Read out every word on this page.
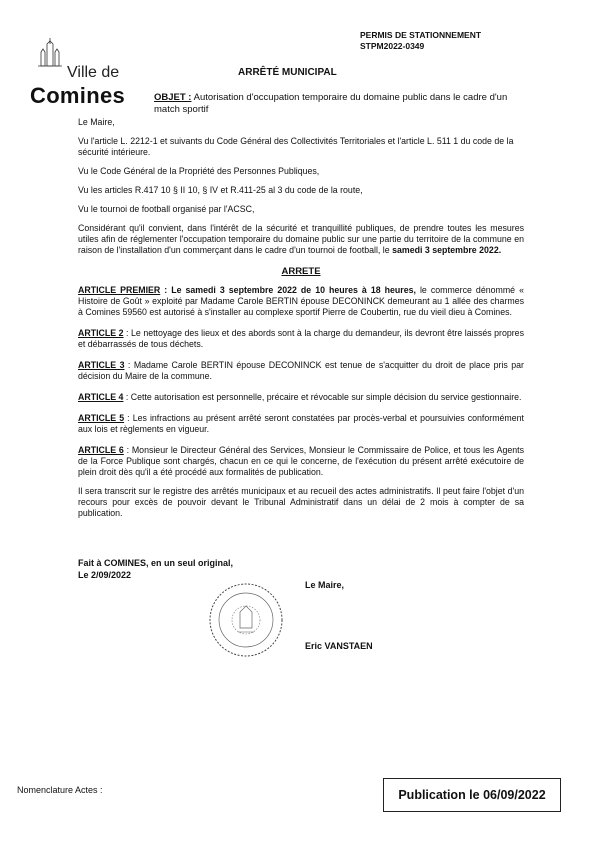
Ville de
Comines
PERMIS DE STATIONNEMENT
STPM2022-0349
ARRÊTÉ MUNICIPAL
OBJET : Autorisation d'occupation temporaire du domaine public dans le cadre d'un match sportif

Le Maire,

Vu l'article L. 2212-1 et suivants du Code Général des Collectivités Territoriales et l'article L. 511 1 du code de la sécurité intérieure.

Vu le Code Général de la Propriété des Personnes Publiques,

Vu les articles R.417 10 § II 10, § IV et R.411-25 al 3 du code de la route,

Vu le tournoi de football organisé par l'ACSC,

Considérant qu'il convient, dans l'intérêt de la sécurité et tranquillité publiques, de prendre toutes les mesures utiles afin de réglementer l'occupation temporaire du domaine public sur une partie du territoire de la commune en raison de l'installation d'un commerçant dans le cadre d'un tournoi de football, le samedi 3 septembre 2022.

ARRETE

ARTICLE PREMIER : Le samedi 3 septembre 2022 de 10 heures à 18 heures, le commerce dénommé « Histoire de Goût » exploité par Madame Carole BERTIN épouse DECONINCK demeurant au 1 allée des charmes à Comines 59560 est autorisé à s'installer au complexe sportif Pierre de Coubertin, rue du vieil dieu à Comines.

ARTICLE 2 : Le nettoyage des lieux et des abords sont à la charge du demandeur, ils devront être laissés propres et débarrassés de tous déchets.

ARTICLE 3 : Madame Carole BERTIN épouse DECONINCK est tenue de s'acquitter du droit de place pris par décision du Maire de la commune.

ARTICLE 4 : Cette autorisation est personnelle, précaire et révocable sur simple décision du service gestionnaire.

ARTICLE 5 : Les infractions au présent arrêté seront constatées par procès-verbal et poursuivies conformément aux lois et règlements en vigueur.

ARTICLE 6 : Monsieur le Directeur Général des Services, Monsieur le Commissaire de Police, et tous les Agents de la Force Publique sont chargés, chacun en ce qui le concerne, de l'exécution du présent arrêté exécutoire de plein droit dès qu'il a été procédé aux formalités de publication.

Il sera transcrit sur le registre des arrêtés municipaux et au recueil des actes administratifs. Il peut faire l'objet d'un recours pour excès de pouvoir devant le Tribunal Administratif dans un délai de 2 mois à compter de sa publication.

Fait à COMINES, en un seul original,
Le 2/09/2022
Le Maire,
Eric VANSTAEN
Nomenclature Actes :	Publication le 06/09/2022
